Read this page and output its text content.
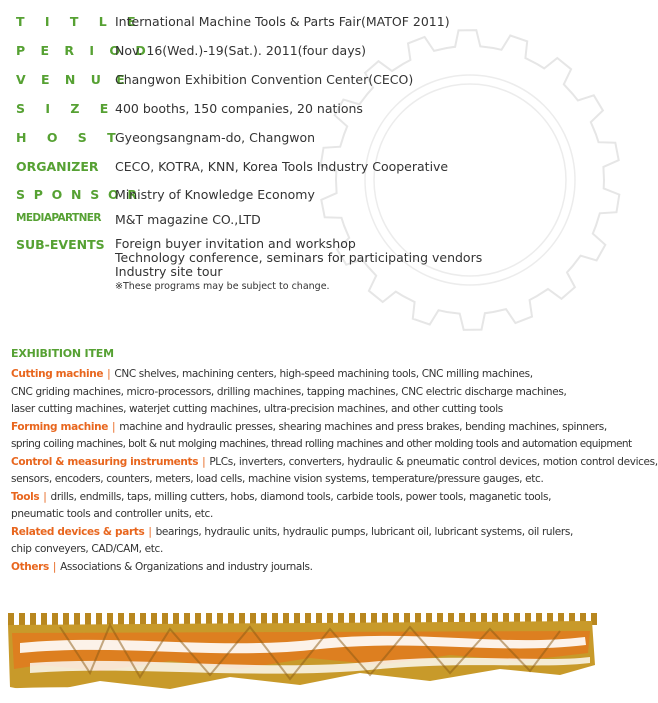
T I T L E
International Machine Tools & Parts Fair(MATOF 2011)
P E R I O D
Nov. 16(Wed.)-19(Sat.). 2011(four days)
V E N U E
Changwon Exhibition Convention Center(CECO)
S I Z E
400 booths, 150 companies, 20 nations
H O S T
Gyeongsangnam-do, Changwon
ORGANIZER CECO, KOTRA, KNN, Korea Tools Industry Cooperative
S P O N S O R
Ministry of Knowledge Economy
MEDIAPARTNER M&T magazine CO.,LTD
SUB-EVENTS Foreign buyer invitation and workshop
Technology conference, seminars for participating vendors
Industry site tour
※These programs may be subject to change.
EXHIBITION ITEM
Cutting machine | CNC shelves, machining centers, high-speed machining tools, CNC milling machines,
CNC griding machines, micro-processors, drilling machines, tapping machines, CNC electric discharge machines,
laser cutting machines, waterjet cutting machines, ultra-precision machines, and other cutting tools
Forming machine | machine and hydraulic presses, shearing machines and press brakes, bending machines, spinners,
spring coiling machines, bolt & nut molging machines, thread rolling machines and other molding tools and automation equipment
Control & measuring instruments | PLCs, inverters, converters, hydraulic & pneumatic control devices, motion control devices,
sensors, encoders, counters, meters, load cells, machine vision systems, temperature/pressure gauges, etc.
Tools | drills, endmills, taps, milling cutters, hobs, diamond tools, carbide tools, power tools, maganetic tools,
pneumatic tools and controller units, etc.
Related devices & parts | bearings, hydraulic units, hydraulic pumps, lubricant oil, lubricant systems, oil rulers,
chip conveyers, CAD/CAM, etc.
Others | Associations & Organizations and industry journals.
